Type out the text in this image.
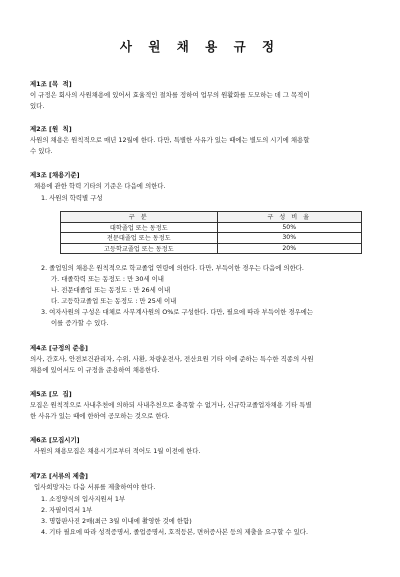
사 원 채 용 규 정
제1조 [목  적]
이 규정은 회사의 사원채용에 있어서 효율적인 절차를 정하여 업무의 원활화를 도모하는 데 그 목적이
있다.
제2조 [원  칙]
사원의 채용은 원칙적으로 매년 12월에 한다. 다만, 특별한 사유가 있는 때에는 별도의 시기에 채용할
수 있다.
제3조 [채용기준]
채용에 관한 학력 기타의 기준은 다음에 의한다.
1. 사원의 학력별 구성
구 분	구 성 비 율
대학졸업 또는 동정도	50%
전문대졸업 또는 동정도	30%
고등학교졸업 또는 동정도	20%
2. 졸업임의 채용은 원칙적으로 학교졸업 연령에 의한다. 다만, 부득이한 경우는 다음에 의한다.
가. 대졸학력 또는 동정도 : 만 30세 이내
나. 전문대졸업 또는 동정도 : 만 26세 이내
다. 고등학교졸업 또는 동정도 : 만 25세 이내
3. 여자사원의 구성은 대체로 사무계사원의 O%로 구성한다. 다만, 필요에 따라 부득이한 경우에는
이를 증가할 수 있다.
제4조 [규정의 준용]
의사, 간호사, 안전보건관리자, 수위, 사환, 차량운전사, 전산요원 기타 이에 준하는 특수한 직종의 사원
채용에 있어서도 이 규정을 준용하여 채용한다.
제5조 [모  집]
모집은 원칙적으로 사내추천에 의하되 사내추천으로 충족할 수 없거나, 신규학교졸업자채용 기타 특별
한 사유가 있는 때에 한하여 공모하는 것으로 한다.
제6조 [모집시기]
사원의 채용모집은 채용시기로부터 적어도 1월 이전에 한다.
제7조 [서류의 제출]
입사희망자는 다음 서류를 제출하여야 한다.
1. 소정양식의 입사지원서 1부
2. 자필이력서 1부
3. 명함판사진 2매(최근 3월 이내에 촬영한 것에 한함)
4. 기타 필요에 따라 성적증명서, 졸업증명서, 호적등본, 면허증사본 등의 제출을 요구할 수 있다.
